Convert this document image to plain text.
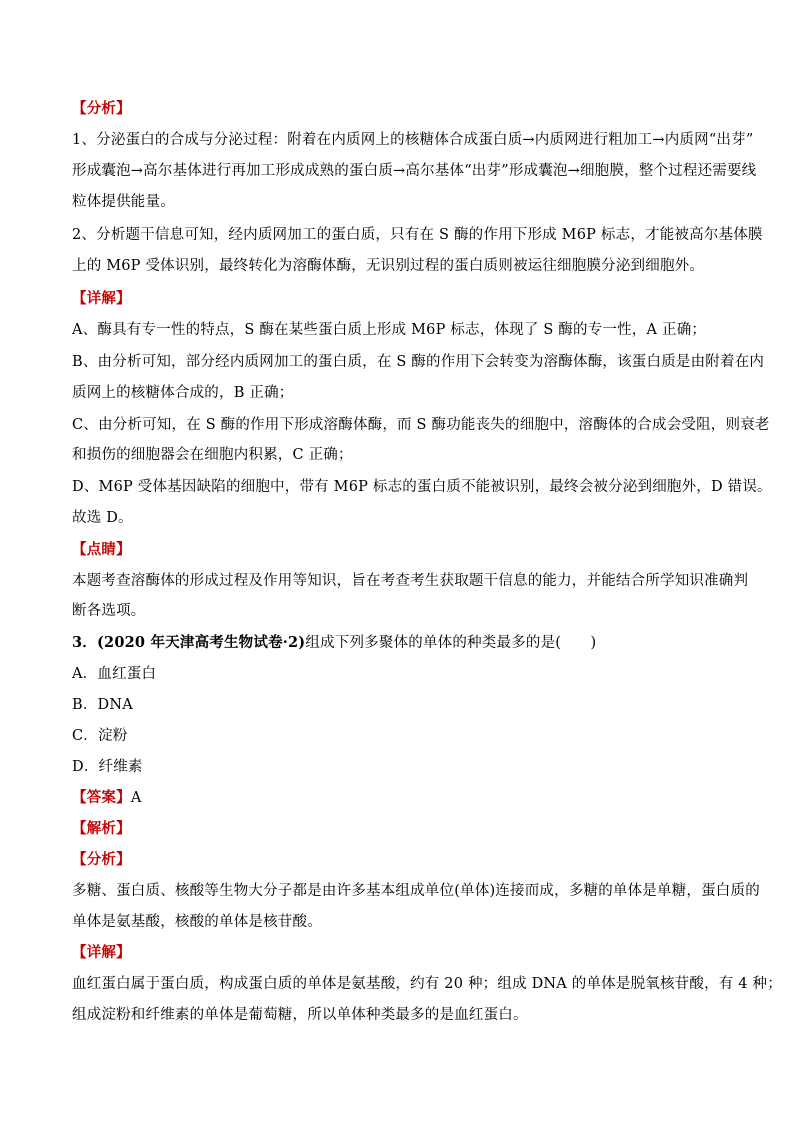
【分析】
1、分泌蛋白的合成与分泌过程：附着在内质网上的核糖体合成蛋白质→内质网进行粗加工→内质网“出芽”
形成囊泡→高尔基体进行再加工形成成熟的蛋白质→高尔基体“出芽”形成囊泡→细胞膜，整个过程还需要线
粒体提供能量。
2、分析题干信息可知，经内质网加工的蛋白质，只有在 S 酶的作用下形成 M6P 标志，才能被高尔基体膜
上的 M6P 受体识别，最终转化为溶酶体酶，无识别过程的蛋白质则被运往细胞膜分泌到细胞外。
【详解】
A、酶具有专一性的特点，S 酶在某些蛋白质上形成 M6P 标志，体现了 S 酶的专一性，A 正确；
B、由分析可知，部分经内质网加工的蛋白质，在 S 酶的作用下会转变为溶酶体酶，该蛋白质是由附着在内
质网上的核糖体合成的，B 正确；
C、由分析可知，在 S 酶的作用下形成溶酶体酶，而 S 酶功能丧失的细胞中，溶酶体的合成会受阻，则衰老
和损伤的细胞器会在细胞内积累，C 正确；
D、M6P 受体基因缺陷的细胞中，带有 M6P 标志的蛋白质不能被识别，最终会被分泌到细胞外，D 错误。
故选 D。
【点睛】
本题考查溶酶体的形成过程及作用等知识，旨在考查考生获取题干信息的能力，并能结合所学知识准确判
断各选项。
3．(2020 年天津高考生物试卷·2)组成下列多聚体的单体的种类最多的是(　　)
A．血红蛋白
B．DNA
C．淀粉
D．纤维素
【答案】A
【解析】
【分析】
多糖、蛋白质、核酸等生物大分子都是由许多基本组成单位(单体)连接而成，多糖的单体是单糖，蛋白质的
单体是氨基酸，核酸的单体是核苷酸。
【详解】
血红蛋白属于蛋白质，构成蛋白质的单体是氨基酸，约有 20 种；组成 DNA 的单体是脱氧核苷酸，有 4 种；
组成淀粉和纤维素的单体是葡萄糖，所以单体种类最多的是血红蛋白。
